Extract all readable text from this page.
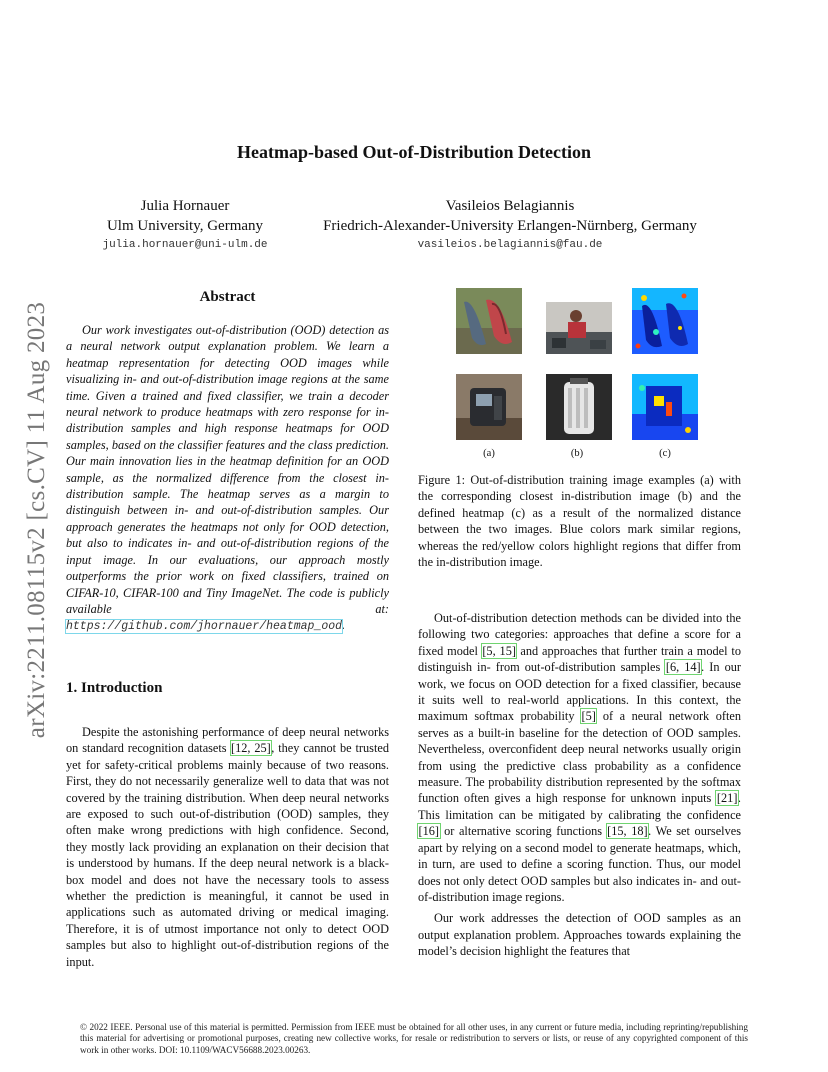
arXiv:2211.08115v2 [cs.CV] 11 Aug 2023
Heatmap-based Out-of-Distribution Detection
Julia Hornauer
Ulm University, Germany
julia.hornauer@uni-ulm.de
Vasileios Belagiannis
Friedrich-Alexander-University Erlangen-Nürnberg, Germany
vasileios.belagiannis@fau.de
Abstract

Our work investigates out-of-distribution (OOD) detection as a neural network output explanation problem. We learn a heatmap representation for detecting OOD images while visualizing in- and out-of-distribution image regions at the same time. Given a trained and fixed classifier, we train a decoder neural network to produce heatmaps with zero response for in-distribution samples and high response heatmaps for OOD samples, based on the classifier features and the class prediction. Our main innovation lies in the heatmap definition for an OOD sample, as the normalized difference from the closest in-distribution sample. The heatmap serves as a margin to distinguish between in- and out-of-distribution samples. Our approach generates the heatmaps not only for OOD detection, but also to indicates in- and out-of-distribution regions of the input image. In our evaluations, our approach mostly outperforms the prior work on fixed classifiers, trained on CIFAR-10, CIFAR-100 and Tiny ImageNet. The code is publicly available at: https://github.com/jhornauer/heatmap_ood.

(a)	(b)	(c)

Figure 1: Out-of-distribution training image examples (a) with the corresponding closest in-distribution image (b) and the defined heatmap (c) as a result of the normalized distance between the two images. Blue colors mark similar regions, whereas the red/yellow colors highlight regions that differ from the in-distribution image.

1. Introduction

Despite the astonishing performance of deep neural networks on standard recognition datasets [12, 25], they cannot be trusted yet for safety-critical problems mainly because of two reasons. First, they do not necessarily generalize well to data that was not covered by the training distribution. When deep neural networks are exposed to such out-of-distribution (OOD) samples, they often make wrong predictions with high confidence. Second, they mostly lack providing an explanation on their decision that is understood by humans. If the deep neural network is a black-box model and does not have the necessary tools to assess whether the prediction is meaningful, it cannot be used in applications such as automated driving or medical imaging. Therefore, it is of utmost importance not only to detect OOD samples but also to highlight out-of-distribution regions of the input.

Out-of-distribution detection methods can be divided into the following two categories: approaches that define a score for a fixed model [5, 15] and approaches that further train a model to distinguish in- from out-of-distribution samples [6, 14]. In our work, we focus on OOD detection for a fixed classifier, because it suits well to real-world applications. In this context, the maximum softmax probability [5] of a neural network often serves as a built-in baseline for the detection of OOD samples. Nevertheless, overconfident deep neural networks usually origin from using the predictive class probability as a confidence measure. The probability distribution represented by the softmax function often gives a high response for unknown inputs [21]. This limitation can be mitigated by calibrating the confidence [16] or alternative scoring functions [15, 18]. We set ourselves apart by relying on a second model to generate heatmaps, which, in turn, are used to define a scoring function. Thus, our model does not only detect OOD samples but also indicates in- and out-of-distribution image regions.

Our work addresses the detection of OOD samples as an output explanation problem. Approaches towards explaining the model’s decision highlight the features that

© 2022 IEEE. Personal use of this material is permitted. Permission from IEEE must be obtained for all other uses, in any current or future media, including reprinting/republishing this material for advertising or promotional purposes, creating new collective works, for resale or redistribution to servers or lists, or reuse of any copyrighted component of this work in other works. DOI: 10.1109/WACV56688.2023.00263.
